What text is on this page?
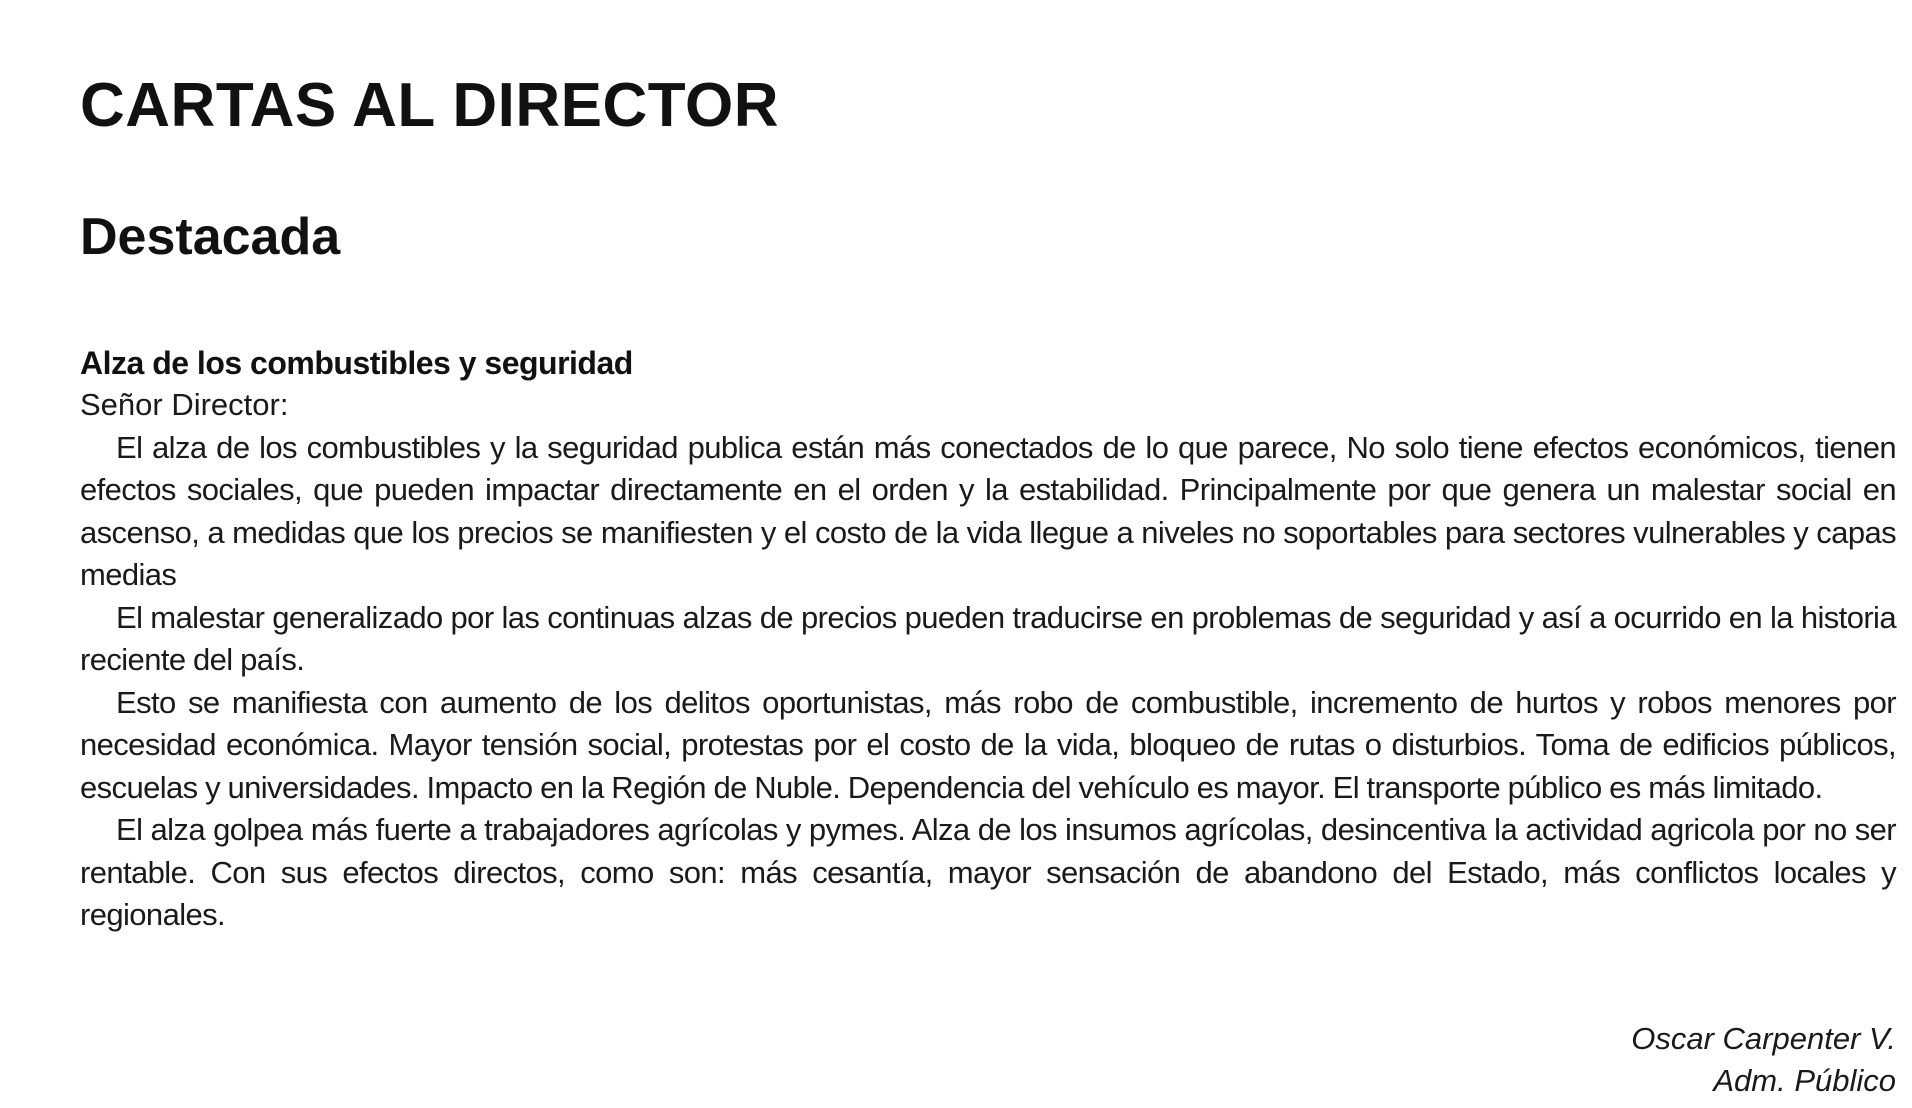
CARTAS AL DIRECTOR
Destacada
Alza de los combustibles y seguridad

Señor Director:

El alza de los combustibles y la seguridad publica están más conectados de lo que parece, No solo tiene efectos económicos, tienen efectos sociales, que pueden impactar directamente en el orden y la estabilidad. Principalmente por que genera un malestar social en ascenso, a medidas que los precios se manifiesten y el costo de la vida llegue a niveles no soportables para sectores vulnerables y capas medias

El malestar generalizado por las continuas alzas de precios pueden traducirse en problemas de seguridad y así a ocurrido en la historia reciente del país.

Esto se manifiesta con aumento de los delitos oportunistas, más robo de combustible, incremento de hurtos y robos menores por necesidad económica. Mayor tensión social, protestas por el costo de la vida, bloqueo de rutas o disturbios. Toma de edificios públicos, escuelas y universidades. Impacto en la Región de Nuble. Dependencia del vehículo es mayor. El transporte público es más limitado.

El alza golpea más fuerte a trabajadores agrícolas y pymes. Alza de los insumos agrícolas, desincentiva la actividad agricola por no ser rentable. Con sus efectos directos, como son: más cesantía, mayor sensación de abandono del Estado, más conflictos locales y regionales.

Oscar Carpenter V.
Adm. Público
